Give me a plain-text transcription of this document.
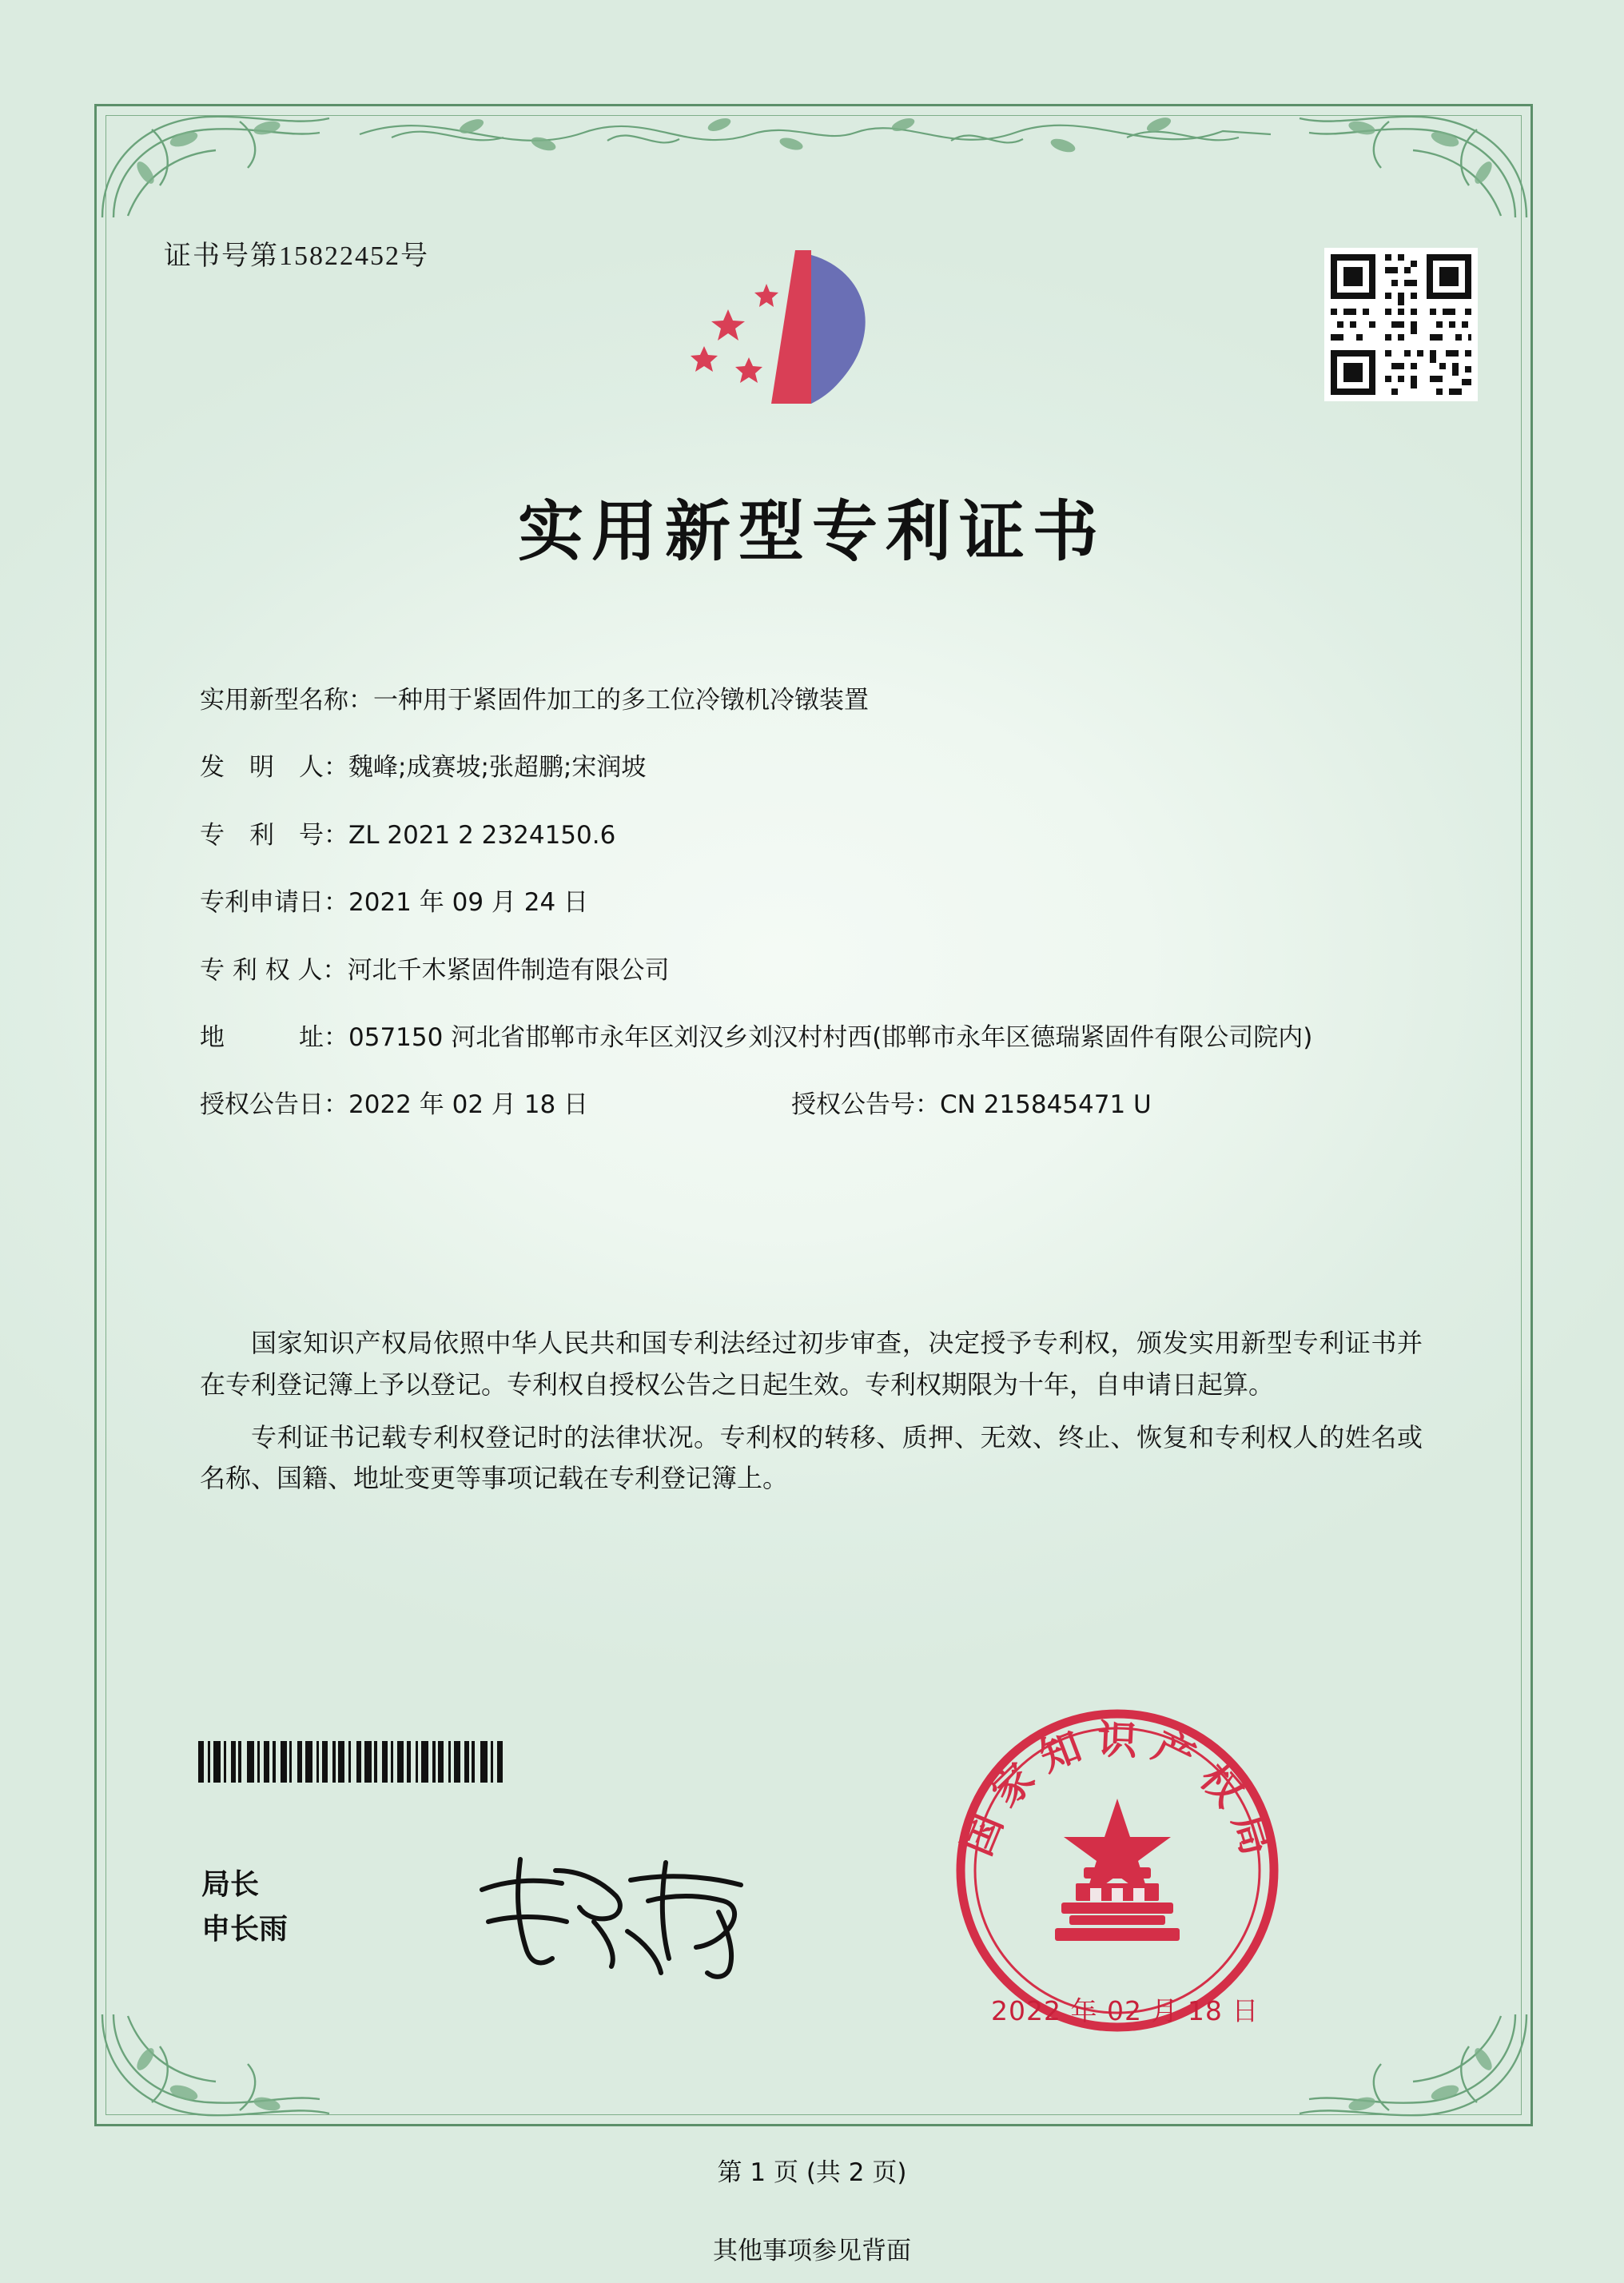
证书号第15822452号
实用新型专利证书
实用新型名称： 一种用于紧固件加工的多工位冷镦机冷镦装置
发　明　人： 魏峰;成赛坡;张超鹏;宋润坡
专　利　号： ZL 2021 2 2324150.6
专利申请日： 2021 年 09 月 24 日
专 利 权 人： 河北千木紧固件制造有限公司
地　　　址： 057150 河北省邯郸市永年区刘汉乡刘汉村村西(邯郸市永年区德瑞紧固件有限公司院内)
授权公告日： 2022 年 02 月 18 日	授权公告号： CN 215845471 U

国家知识产权局依照中华人民共和国专利法经过初步审查，决定授予专利权，颁发实用新型专利证书并在专利登记簿上予以登记。专利权自授权公告之日起生效。专利权期限为十年，自申请日起算。

专利证书记载专利权登记时的法律状况。专利权的转移、质押、无效、终止、恢复和专利权人的姓名或名称、国籍、地址变更等事项记载在专利登记簿上。

局长
申长雨
国家知识产权局
2022 年 02 月 18 日
第 1 页 (共 2 页)
其他事项参见背面
